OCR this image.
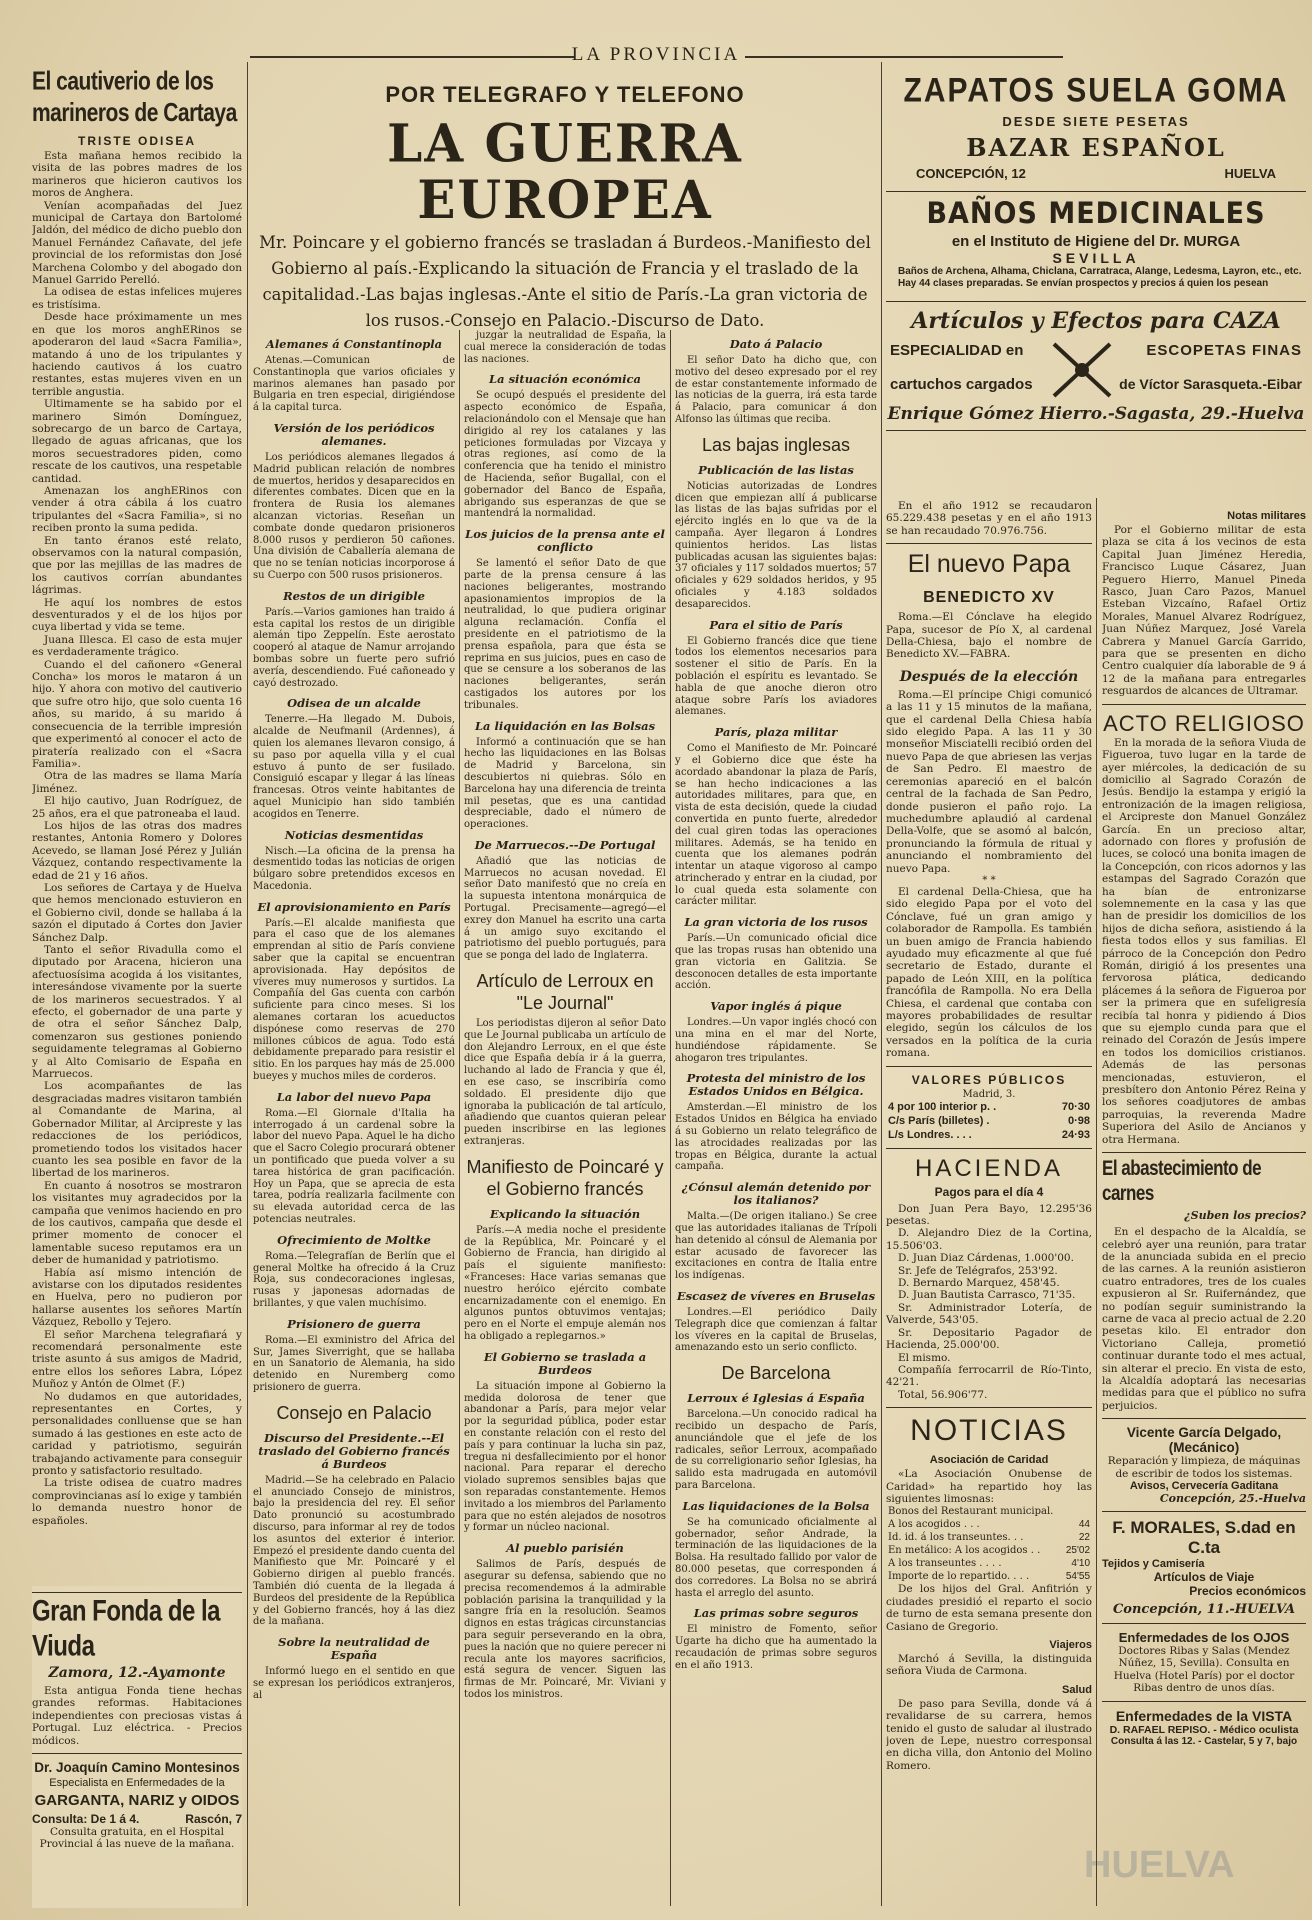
LA PROVINCIA
El cautiverio de los marineros de Cartaya
TRISTE ODISEA

Esta mañana hemos recibido la visita de las pobres madres de los marineros que hicieron cautivos los moros de Anghera.

Venían acompañadas del Juez municipal de Cartaya don Bartolomé Jaldón, del médico de dicho pueblo don Manuel Fernández Cañavate, del jefe provincial de los reformistas don José Marchena Colombo y del abogado don Manuel Garrido Perelló.

La odisea de estas infelices mujeres es tristísima.

Desde hace próximamente un mes en que los moros anghERinos se apoderaron del laud «Sacra Familia», matando á uno de los tripulantes y haciendo cautivos á los cuatro restantes, estas mujeres viven en un terrible angustia.

Ultimamente se ha sabido por el marinero Simón Domínguez, sobrecargo de un barco de Cartaya, llegado de aguas africanas, que los moros secuestradores piden, como rescate de los cautivos, una respetable cantidad.

Amenazan los anghERinos con vender á otra cábila á los cuatro tripulantes del «Sacra Familia», si no reciben pronto la suma pedida.

En tanto éranos esté relato, observamos con la natural compasión, que por las mejillas de las madres de los cautivos corrían abundantes lágrimas.

He aquí los nombres de estos desventurados y el de los hijos por cuya libertad y vida se teme.

Juana Illesca. El caso de esta mujer es verdaderamente trágico.

Cuando el del cañonero «General Concha» los moros le mataron á un hijo. Y ahora con motivo del cautiverio que sufre otro hijo, que solo cuenta 16 años, su marido, á su marido á consecuencia de la terrible impresión que experimentó al conocer el acto de piratería realizado con el «Sacra Familia».

Otra de las madres se llama María Jiménez.

El hijo cautivo, Juan Rodríguez, de 25 años, era el que patroneaba el laud.

Los hijos de las otras dos madres restantes, Antonia Romero y Dolores Acevedo, se llaman José Pérez y Julián Vázquez, contando respectivamente la edad de 21 y 16 años.

Los señores de Cartaya y de Huelva que hemos mencionado estuvieron en el Gobierno civil, donde se hallaba á la sazón el diputado á Cortes don Javier Sánchez Dalp.

Tanto el señor Rivadulla como el diputado por Aracena, hicieron una afectuosísima acogida á los visitantes, interesándose vivamente por la suerte de los marineros secuestrados. Y al efecto, el gobernador de una parte y de otra el señor Sánchez Dalp, comenzaron sus gestiones poniendo seguidamente telegramas al Gobierno y al Alto Comisario de España en Marruecos.

Los acompañantes de las desgraciadas madres visitaron también al Comandante de Marina, al Gobernador Militar, al Arcipreste y las redacciones de los periódicos, prometiendo todos los visitados hacer cuanto les sea posible en favor de la libertad de los marineros.

En cuanto á nosotros se mostraron los visitantes muy agradecidos por la campaña que venimos haciendo en pro de los cautivos, campaña que desde el primer momento de conocer el lamentable suceso reputamos era un deber de humanidad y patriotismo.

Había así mismo intención de avistarse con los diputados residentes en Huelva, pero no pudieron por hallarse ausentes los señores Martín Vázquez, Rebollo y Tejero.

El señor Marchena telegrafiará y recomendará personalmente este triste asunto á sus amigos de Madrid, entre ellos los señores Labra, López Muñoz y Antón de Olmet (F.)

No dudamos en que autoridades, representantes en Cortes, y personalidades conlluense que se han sumado á las gestiones en este acto de caridad y patriotismo, seguirán trabajando activamente para conseguir pronto y satisfactorio resultado.

La triste odisea de cuatro madres comprovincianas así lo exige y también lo demanda nuestro honor de españoles.

Gran Fonda de la Viuda
Zamora, 12.-Ayamonte

Esta antigua Fonda tiene hechas grandes reformas. Habitaciones independientes con preciosas vistas á Portugal. Luz eléctrica. - Precios módicos.

Dr. Joaquín Camino Montesinos
Especialista en Enfermedades de la
GARGANTA, NARIZ y OIDOS
Consulta: De 1 á 4.	Rascón, 7

Consulta gratuita, en el Hospital Provincial á las nueve de la mañana.

POR TELEGRAFO Y TELEFONO
LA GUERRA EUROPEA
Mr. Poincare y el gobierno francés se trasladan á Burdeos.-Manifiesto del Gobierno al país.-Explicando la situación de Francia y el traslado de la capitalidad.-Las bajas inglesas.-Ante el sitio de París.-La gran victoria de los rusos.-Consejo en Palacio.-Discurso de Dato.
Alemanes á Constantinopla

Atenas.—Comunican de Constantinopla que varios oficiales y marinos alemanes han pasado por Bulgaria en tren especial, dirigiéndose á la capital turca.

Versión de los periódicos alemanes.

Los periódicos alemanes llegados á Madrid publican relación de nombres de muertos, heridos y desaparecidos en diferentes combates. Dicen que en la frontera de Rusia los alemanes alcanzan victorias. Reseñan un combate donde quedaron prisioneros 8.000 rusos y perdieron 50 cañones. Una división de Caballería alemana de que no se tenían noticias incorporose á su Cuerpo con 500 rusos prisioneros.

Restos de un dirigible

París.—Varios gamiones han traido á esta capital los restos de un dirigible alemán tipo Zeppelín. Este aerostato cooperó al ataque de Namur arrojando bombas sobre un fuerte pero sufrió avería, descendiendo. Fué cañoneado y cayó destrozado.

Odisea de un alcalde

Tenerre.—Ha llegado M. Dubois, alcalde de Neufmanil (Ardennes), á quien los alemanes llevaron consigo, á su paso por aquella villa y el cual estuvo á punto de ser fusilado. Consiguió escapar y llegar á las líneas francesas. Otros veinte habitantes de aquel Municipio han sido también acogidos en Tenerre.

Noticias desmentidas

Nisch.—La oficina de la prensa ha desmentido todas las noticias de origen búlgaro sobre pretendidos excesos en Macedonia.

El aprovisionamiento en París

París.—El alcalde manifiesta que para el caso que de los alemanes emprendan al sitio de París conviene saber que la capital se encuentran aprovisionada. Hay depósitos de víveres muy numerosos y surtidos. La Compañía del Gas cuenta con carbón suficiente para cinco meses. Si los alemanes cortaran los acueductos dispónese como reservas de 270 millones cúbicos de agua. Todo está debidamente preparado para resistir el sitio. En los parques hay más de 25.000 bueyes y muchos miles de corderos.

La labor del nuevo Papa

Roma.—El Giornale d'Italia ha interrogado á un cardenal sobre la labor del nuevo Papa. Aquel le ha dicho que el Sacro Colegio procurará obtener un pontificado que pueda volver a su tarea histórica de gran pacificación. Hoy un Papa, que se aprecia de esta tarea, podría realizarla facilmente con su elevada autoridad cerca de las potencias neutrales.

Ofrecimiento de Moltke

Roma.—Telegrafían de Berlín que el general Moltke ha ofrecido á la Cruz Roja, sus condecoraciones inglesas, rusas y japonesas adornadas de brillantes, y que valen muchísimo.

Prisionero de guerra

Roma.—El exministro del Africa del Sur, James Siverright, que se hallaba en un Sanatorio de Alemania, ha sido detenido en Nuremberg como prisionero de guerra.

Consejo en Palacio
Discurso del Presidente.--El traslado del Gobierno francés á Burdeos

Madrid.—Se ha celebrado en Palacio el anunciado Consejo de ministros, bajo la presidencia del rey. El señor Dato pronunció su acostumbrado discurso, para informar al rey de todos los asuntos del exterior é interior. Empezó el presidente dando cuenta del Manifiesto que Mr. Poincaré y el Gobierno dirigen al pueblo francés. También dió cuenta de la llegada á Burdeos del presidente de la República y del Gobierno francés, hoy á las diez de la mañana.

Sobre la neutralidad de España

Informó luego en el sentido en que se expresan los periódicos extranjeros, al

juzgar la neutralidad de España, la cual merece la consideración de todas las naciones.

La situación económica

Se ocupó después el presidente del aspecto económico de España, relacionándolo con el Mensaje que han dirigido al rey los catalanes y las peticiones formuladas por Vizcaya y otras regiones, así como de la conferencia que ha tenido el ministro de Hacienda, señor Bugallal, con el gobernador del Banco de España, abrigando sus esperanzas de que se mantendrá la normalidad.

Los juicios de la prensa ante el conflicto

Se lamentó el señor Dato de que parte de la prensa censure á las naciones beligerantes, mostrando apasionamientos impropios de la neutralidad, lo que pudiera originar alguna reclamación. Confía el presidente en el patriotismo de la prensa española, para que ésta se reprima en sus juicios, pues en caso de que se censure a los soberanos de las naciones beligerantes, serán castigados los autores por los tribunales.

La liquidación en las Bolsas

Informó a continuación que se han hecho las liquidaciones en las Bolsas de Madrid y Barcelona, sin descubiertos ni quiebras. Sólo en Barcelona hay una diferencia de treinta mil pesetas, que es una cantidad despreciable, dado el número de operaciones.

De Marruecos.--De Portugal

Añadió que las noticias de Marruecos no acusan novedad. El señor Dato manifestó que no creía en la supuesta intentona monárquica de Portugal. Precisamente—agregó—el exrey don Manuel ha escrito una carta á un amigo suyo excitando el patriotismo del pueblo portugués, para que se ponga del lado de Inglaterra.

Artículo de Lerroux en "Le Journal"

Los periodistas dijeron al señor Dato que Le Journal publicaba un artículo de don Alejandro Lerroux, en el que éste dice que España debía ir á la guerra, luchando al lado de Francia y que él, en ese caso, se inscribiría como soldado. El presidente dijo que ignoraba la publicación de tal artículo, añadiendo que cuantos quieran pelear pueden inscribirse en las legiones extranjeras.

Manifiesto de Poincaré y el Gobierno francés
Explicando la situación

París.—A media noche el presidente de la República, Mr. Poincaré y el Gobierno de Francia, han dirigido al país el siguiente manifiesto: «Franceses: Hace varias semanas que nuestro heróico ejército combate encarnizadamente con el enemigo. En algunos puntos obtuvimos ventajas; pero en el Norte el empuje alemán nos ha obligado a replegarnos.»

El Gobierno se traslada a Burdeos

La situación impone al Gobierno la medida dolorosa de tener que abandonar a París, para mejor velar por la seguridad pública, poder estar en constante relación con el resto del país y para continuar la lucha sin paz, tregua ni desfallecimiento por el honor nacional. Para reparar el derecho violado supremos sensibles bajas que son reparadas constantemente. Hemos invitado a los miembros del Parlamento para que no estén alejados de nosotros y formar un núcleo nacional.

Al pueblo parisién

Salimos de París, después de asegurar su defensa, sabiendo que no precisa recomendemos á la admirable población parisina la tranquilidad y la sangre fría en la resolución. Seamos dignos en estas trágicas circunstancias para seguir perseverando en la obra, pues la nación que no quiere perecer ni recula ante los mayores sacrificios, está segura de vencer. Siguen las firmas de Mr. Poincaré, Mr. Viviani y todos los ministros.

Dato á Palacio

El señor Dato ha dicho que, con motivo del deseo expresado por el rey de estar constantemente informado de las noticias de la guerra, irá esta tarde á Palacio, para comunicar á don Alfonso las últimas que reciba.

Las bajas inglesas
Publicación de las listas

Noticias autorizadas de Londres dicen que empiezan allí á publicarse las listas de las bajas sufridas por el ejército inglés en lo que va de la campaña. Ayer llegaron á Londres quinientos heridos. Las listas publicadas acusan las siguientes bajas: 37 oficiales y 117 soldados muertos; 57 oficiales y 629 soldados heridos, y 95 oficiales y 4.183 soldados desaparecidos.

Para el sitio de París

El Gobierno francés dice que tiene todos los elementos necesarios para sostener el sitio de París. En la población el espíritu es levantado. Se habla de que anoche dieron otro ataque sobre París los aviadores alemanes.

París, plaza militar

Como el Manifiesto de Mr. Poincaré y el Gobierno dice que éste ha acordado abandonar la plaza de París, se han hecho indicaciones a las autoridades militares, para que, en vista de esta decisión, quede la ciudad convertida en punto fuerte, alrededor del cual giren todas las operaciones militares. Además, se ha tenido en cuenta que los alemanes podrán intentar un ataque vigoroso al campo atrincherado y entrar en la ciudad, por lo cual queda esta solamente con carácter militar.

La gran victoria de los rusos

París.—Un comunicado oficial dice que las tropas rusas han obtenido una gran victoria en Galitzia. Se desconocen detalles de esta importante acción.

Vapor inglés á pique

Londres.—Un vapor inglés chocó con una mina en el mar del Norte, hundiéndose rápidamente. Se ahogaron tres tripulantes.

Protesta del ministro de los Estados Unidos en Bélgica.

Amsterdan.—El ministro de los Estados Unidos en Bélgica ha enviado á su Gobierno un relato telegráfico de las atrocidades realizadas por las tropas en Bélgica, durante la actual campaña.

¿Cónsul alemán detenido por los italianos?

Malta.—(De origen italiano.) Se cree que las autoridades italianas de Trípoli han detenido al cónsul de Alemania por estar acusado de favorecer las excitaciones en contra de Italia entre los indígenas.

Escasez de víveres en Bruselas

Londres.—El periódico Daily Telegraph dice que comienzan á faltar los víveres en la capital de Bruselas, amenazando esto un serio conflicto.

De Barcelona
Lerroux é Iglesias á España

Barcelona.—Un conocido radical ha recibido un despacho de París, anunciándole que el jefe de los radicales, señor Lerroux, acompañado de su correligionario señor Iglesias, ha salido esta madrugada en automóvil para Barcelona.

Las liquidaciones de la Bolsa

Se ha comunicado oficialmente al gobernador, señor Andrade, la terminación de las liquidaciones de la Bolsa. Ha resultado fallido por valor de 80.000 pesetas, que corresponden á dos corredores. La Bolsa no se abrirá hasta el arreglo del asunto.

Las primas sobre seguros

El ministro de Fomento, señor Ugarte ha dicho que ha aumentado la recaudación de primas sobre seguros en el año 1913.

ZAPATOS SUELA GOMA
DESDE SIETE PESETAS
BAZAR ESPAÑOL
CONCEPCIÓN, 12	HUELVA
BAÑOS MEDICINALES
en el Instituto de Higiene del Dr. MURGA
SEVILLA

Baños de Archena, Alhama, Chiclana, Carratraca, Alange, Ledesma, Layron, etc., etc.

Hay 44 clases preparadas. Se envían prospectos y precios á quien los pesean

Artículos y Efectos para CAZA
ESPECIALIDAD en
cartuchos cargados
ESCOPETAS FINAS
de Víctor Sarasqueta.-Eibar
Enrique Gómez Hierro.-Sagasta, 29.-Huelva

En el año 1912 se recaudaron 65.229.438 pesetas y en el año 1913 se han recaudado 70.976.756.

El nuevo Papa
BENEDICTO XV

Roma.—El Cónclave ha elegido Papa, sucesor de Pío X, al cardenal Della-Chiesa, bajo el nombre de Benedicto XV.—FABRA.

Después de la elección

Roma.—El príncipe Chigi comunicó a las 11 y 15 minutos de la mañana, que el cardenal Della Chiesa había sido elegido Papa. A las 11 y 30 monseñor Misciatelli recibió orden del nuevo Papa de que abriesen las verjas de San Pedro. El maestro de ceremonias apareció en el balcón central de la fachada de San Pedro, donde pusieron el paño rojo. La muchedumbre aplaudió al cardenal Della-Volfe, que se asomó al balcón, pronunciando la fórmula de ritual y anunciando el nombramiento del nuevo Papa.

* *

El cardenal Della-Chiesa, que ha sido elegido Papa por el voto del Cónclave, fué un gran amigo y colaborador de Rampolla. Es también un buen amigo de Francia habiendo ayudado muy eficazmente al que fué secretario de Estado, durante el papado de León XIII, en la política francófila de Rampolla. No era Della Chiesa, el cardenal que contaba con mayores probabilidades de resultar elegido, según los cálculos de los versados en la política de la curia romana.

VALORES PÚBLICOS
Madrid, 3.
4 por 100 interior p. .	70·30
C/s París (billetes) .	0·98
L/s Londres. . . .	24·93
HACIENDA
Pagos para el día 4

Don Juan Pera Bayo, 12.295'36 pesetas.

D. Alejandro Diez de la Cortina, 15.506'03.

D. Juan Diaz Cárdenas, 1.000'00.

Sr. Jefe de Telégrafos, 253'92.

D. Bernardo Marquez, 458'45.

D. Juan Bautista Carrasco, 71'35.

Sr. Administrador Lotería, de Valverde, 543'05.

Sr. Depositario Pagador de Hacienda, 25.000'00.

El mismo.

Compañía ferrocarril de Río-Tinto, 42'21.

Total, 56.906'77.

NOTICIAS
Asociación de Caridad

«La Asociación Onubense de Caridad» ha repartido hoy las siguientes limosnas:

Bonos del Restaurant municipal.	
A los acogidos . . .	44
Id. id. á los transeuntes. . .	22
En metálico: A los acogidos . .	25'02
A los transeuntes . . . .	4'10
Importe de lo repartido. . . .	54'55

De los hijos del Gral. Anfitrión y ciudades presidió el reparto el socio de turno de esta semana presente don Casiano de Gregorio.

Viajeros

Marchó á Sevilla, la distinguida señora Viuda de Carmona.

Salud

De paso para Sevilla, donde vá á revalidarse de su carrera, hemos tenido el gusto de saludar al ilustrado joven de Lepe, nuestro corresponsal en dicha villa, don Antonio del Molino Romero.

Notas militares

Por el Gobierno militar de esta plaza se cita á los vecinos de esta Capital Juan Jiménez Heredia, Francisco Luque Cásarez, Juan Peguero Hierro, Manuel Pineda Rasco, Juan Caro Pazos, Manuel Esteban Vizcaíno, Rafael Ortiz Morales, Manuel Alvarez Rodríguez, Juan Núñez Marquez, José Varela Cabrera y Manuel García Garrido, para que se presenten en dicho Centro cualquier día laborable de 9 á 12 de la mañana para entregarles resguardos de alcances de Ultramar.

ACTO RELIGIOSO

En la morada de la señora Viuda de Figueroa, tuvo lugar en la tarde de ayer miércoles, la dedicación de su domicilio al Sagrado Corazón de Jesús. Bendijo la estampa y erigió la entronización de la imagen religiosa, el Arcipreste don Manuel González García. En un precioso altar, adornado con flores y profusión de luces, se colocó una bonita imagen de la Concepción, con ricos adornos y las estampas del Sagrado Corazón que ha bían de entronizarse solemnemente en la casa y las que han de presidir los domicilios de los hijos de dicha señora, asistiendo á la fiesta todos ellos y sus familias. El párroco de la Concepción don Pedro Román, dirigió á los presentes una fervorosa plática, dedicando plácemes á la señora de Figueroa por ser la primera que en sufeligresía recibía tal honra y pidiendo á Dios que su ejemplo cunda para que el reinado del Corazón de Jesús impere en todos los domicilios cristianos. Además de las personas mencionadas, estuvieron, el presbítero don Antonio Pérez Reina y los señores coadjutores de ambas parroquias, la reverenda Madre Superiora del Asilo de Ancianos y otra Hermana.

El abastecimiento de carnes
¿Suben los precios?

En el despacho de la Alcaldía, se celebró ayer una reunión, para tratar de la anunciada subida en el precio de las carnes. A la reunión asistieron cuatro entradores, tres de los cuales expusieron al Sr. Ruifernández, que no podían seguir suministrando la carne de vaca al precio actual de 2.20 pesetas kilo. El entrador don Victoriano Calleja, prometió continuar durante todo el mes actual, sin alterar el precio. En vista de esto, la Alcaldía adoptará las necesarias medidas para que el público no sufra perjuicios.

Vicente García Delgado, (Mecánico)

Reparación y limpieza, de máquinas de escribir de todos los sistemas.

Avisos, Cervecería Gaditana
Concepción, 25.-Huelva
F. MORALES, S.dad en C.ta
Tejidos y Camisería
Artículos de Viaje
Precios económicos
Concepción, 11.-HUELVA
Enfermedades de los OJOS

Doctores Ribas y Salas (Mendez Núñez, 15, Sevilla). Consulta en Huelva (Hotel París) por el doctor Ribas dentro de unos días.

Enfermedades de la VISTA
D. RAFAEL REPISO. - Médico oculista
Consulta á las 12. - Castelar, 5 y 7, bajo
HUELVA
